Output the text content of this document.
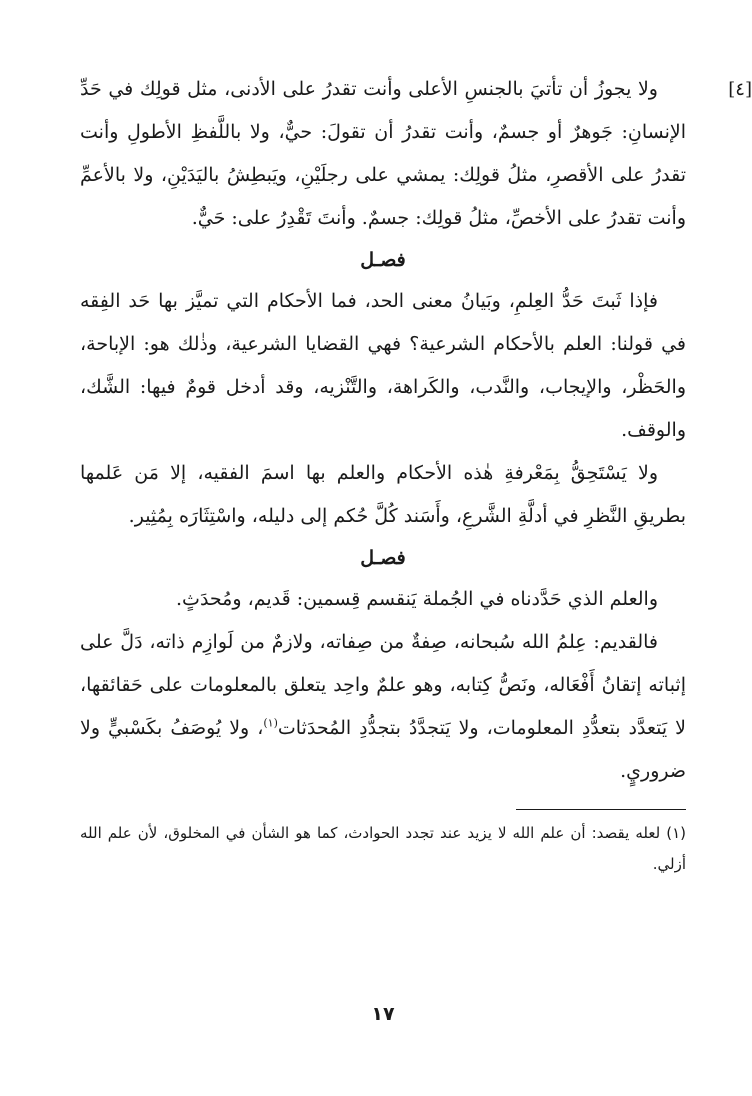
[٤]

ولا يجوزُ أن تأتيَ بالجنسِ الأعلى وأنت تقدرُ على الأدنى، مثل قولِك في حَدِّ الإنسانِ: جَوهرٌ أو جسمٌ، وأنت تقدرُ أن تقولَ: حيٌّ، ولا باللَّفظِ الأطولِ وأنت تقدرُ على الأقصرِ، مثلُ قولِك: يمشي على رجلَيْنِ، ويَبطِشُ باليَدَيْنِ، ولا بالأعمِّ وأنت تقدرُ على الأخصِّ، مثلُ قولِك: جسمٌ. وأنتَ تَقْدِرُ على: حَيٌّ.

فصـل

فإذا ثَبتَ حَدُّ العِلمِ، وبَيانُ معنى الحد، فما الأحكام التي تميَّز بها حَد الفِقه في قولنا: العلم بالأحكام الشرعية؟ فهي القضايا الشرعية، وذٰلك هو: الإباحة، والحَظْر، والإيجاب، والنَّدب، والكَراهة، والتَّنْزيه، وقد أدخل قومٌ فيها: الشَّك، والوقف.

ولا يَسْتَحِقُّ بِمَعْرفةِ هٰذه الأحكام والعلم بها اسمَ الفقيه، إلا مَن عَلمها بطريقِ النَّظرِ في أدلَّةِ الشَّرعِ، وأَسَند كُلَّ حُكم إلى دليله، واسْتِثَارَه بِمُثِير.

فصـل

والعلم الذي حَدَّدناه في الجُملة يَنقسم قِسمين: قَديم، ومُحدَثٍ.

فالقديم: عِلمُ الله سُبحانه، صِفةٌ من صِفاته، ولازمٌ من لَوازِم ذاته، دَلَّ على إثباته إتقانُ أَفْعَاله، ونَصُّ كِتابه، وهو علمٌ واحِد يتعلق بالمعلومات على حَقائقها، لا يَتعدَّد بتعدُّدِ المعلومات، ولا يَتجدَّدُ بتجدُّدِ المُحدَثات$^{(١)}$، ولا يُوصَفُ بكَسْبيٍّ ولا ضروريٍ.

(١) لعله يقصد: أن علم الله لا يزيد عند تجدد الحوادث، كما هو الشأن في المخلوق، لأن علم الله أزلي.

١٧
